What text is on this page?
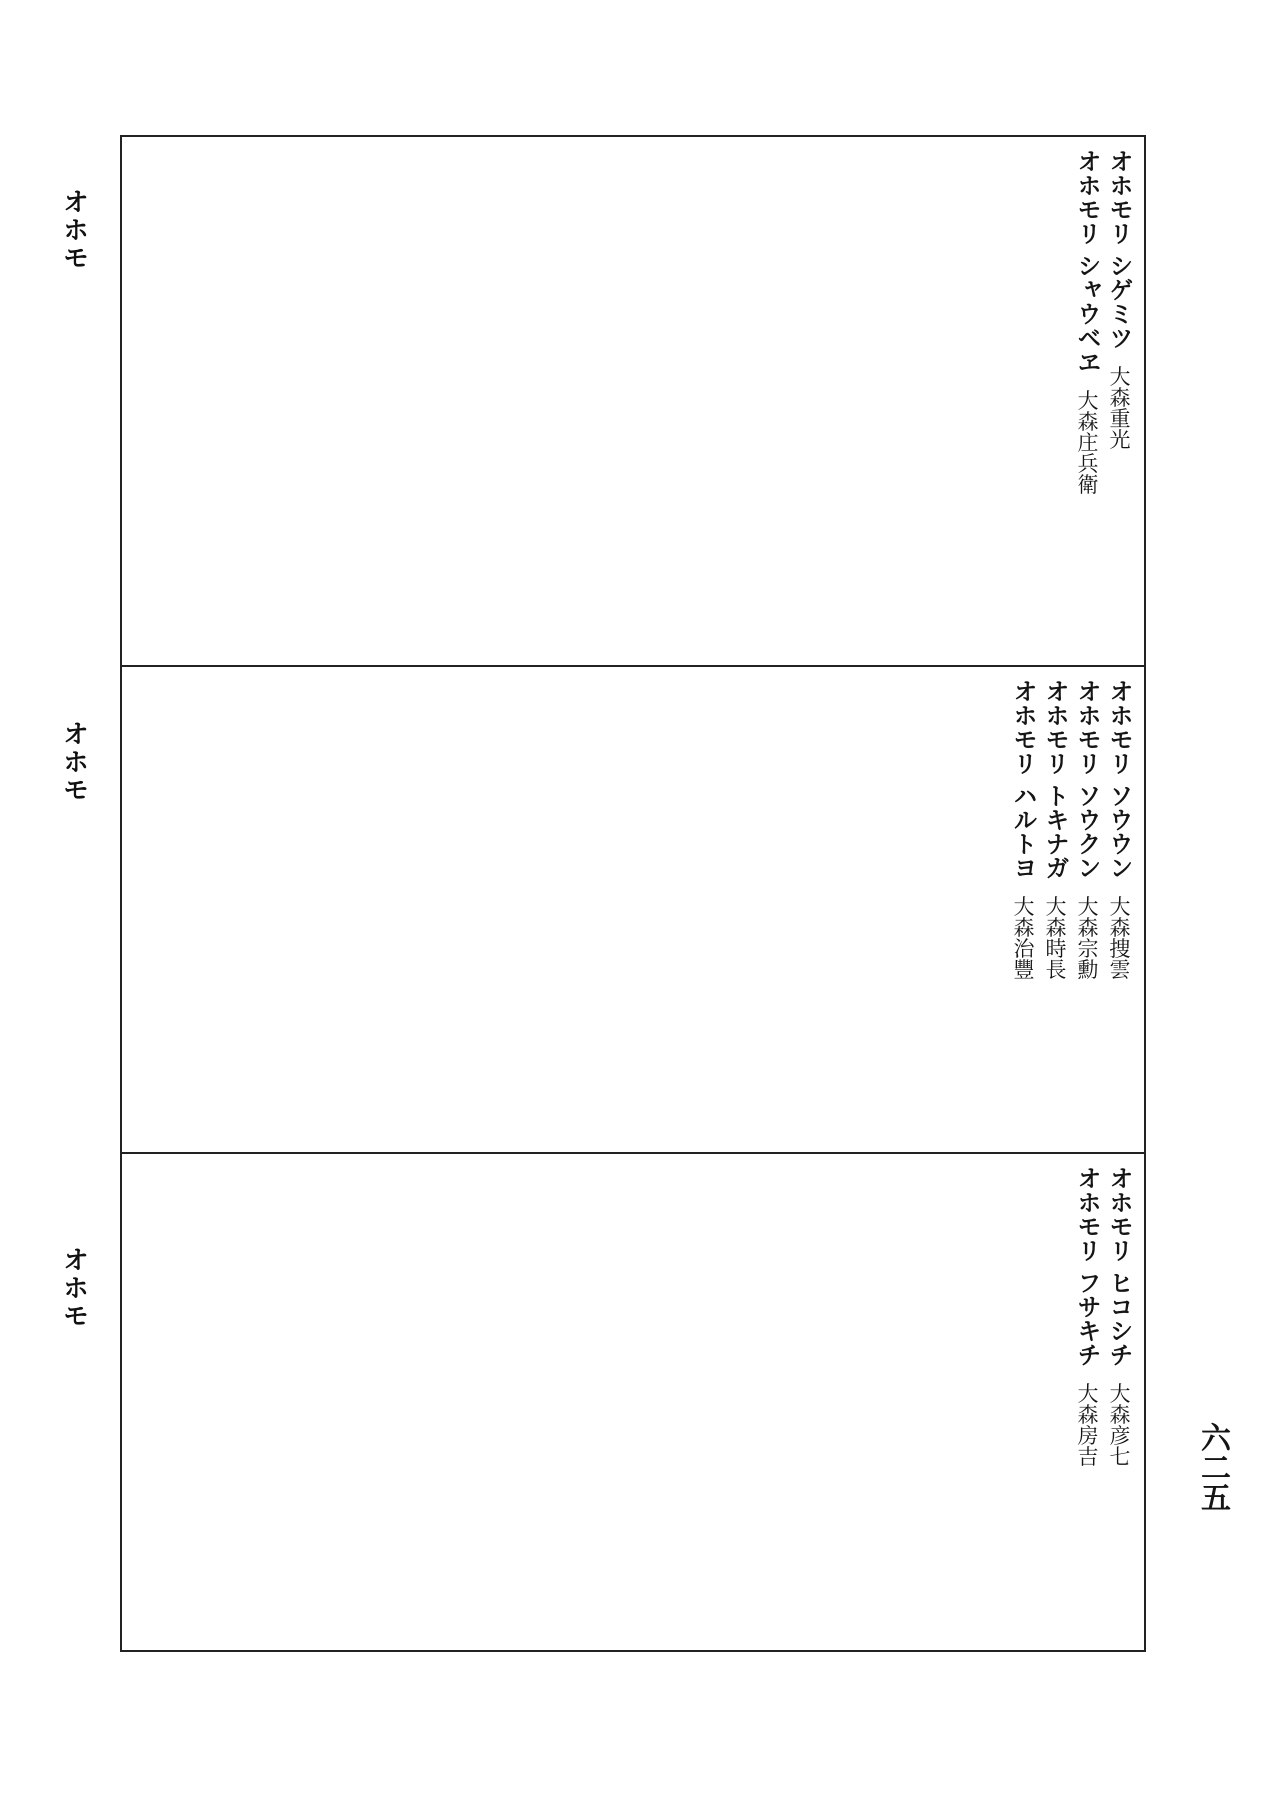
オホモ
オホモ
オホモ
六二五
オホモリ シゲミツ大森重光
オホモリ シャウベヱ大森庄兵衛
オホモリ ソウウン大森捜雲
オホモリ ソウクン大森宗勳
オホモリ トキナガ大森時長
オホモリ ハルトヨ大森治豐
オホモリ ヒコシチ大森彦七
オホモリ フサキチ大森房吉
